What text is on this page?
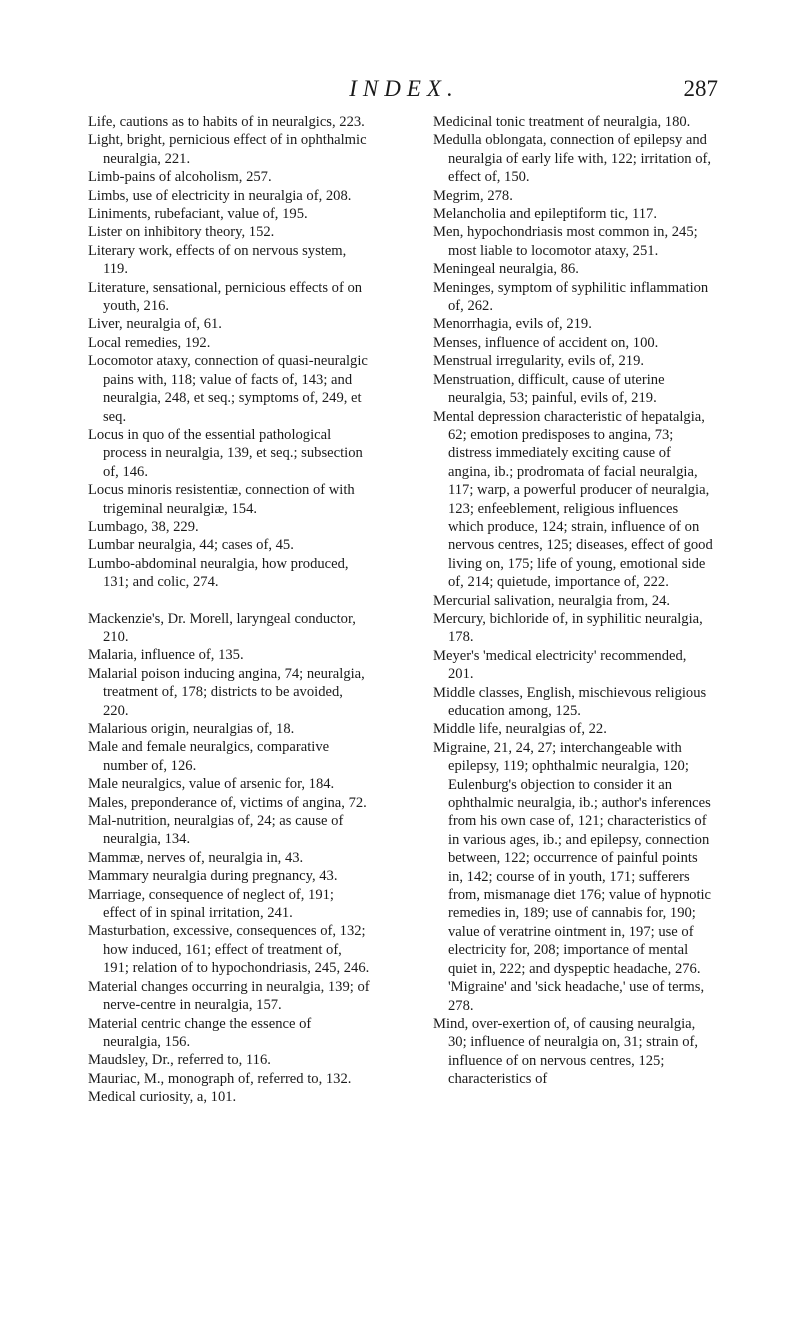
INDEX.	287

Life, cautions as to habits of in neuralgics, 223.

Light, bright, pernicious effect of in ophthalmic neuralgia, 221.

Limb-pains of alcoholism, 257.

Limbs, use of electricity in neuralgia of, 208.

Liniments, rubefaciant, value of, 195.

Lister on inhibitory theory, 152.

Literary work, effects of on nervous system, 119.

Literature, sensational, pernicious effects of on youth, 216.

Liver, neuralgia of, 61.

Local remedies, 192.

Locomotor ataxy, connection of quasi-neuralgic pains with, 118; value of facts of, 143; and neuralgia, 248, et seq.; symptoms of, 249, et seq.

Locus in quo of the essential pathological process in neuralgia, 139, et seq.; subsection of, 146.

Locus minoris resistentiæ, connection of with trigeminal neuralgiæ, 154.

Lumbago, 38, 229.

Lumbar neuralgia, 44; cases of, 45.

Lumbo-abdominal neuralgia, how produced, 131; and colic, 274.

Mackenzie's, Dr. Morell, laryngeal conductor, 210.

Malaria, influence of, 135.

Malarial poison inducing angina, 74; neuralgia, treatment of, 178; districts to be avoided, 220.

Malarious origin, neuralgias of, 18.

Male and female neuralgics, comparative number of, 126.

Male neuralgics, value of arsenic for, 184.

Males, preponderance of, victims of angina, 72.

Mal-nutrition, neuralgias of, 24; as cause of neuralgia, 134.

Mammæ, nerves of, neuralgia in, 43.

Mammary neuralgia during pregnancy, 43.

Marriage, consequence of neglect of, 191; effect of in spinal irritation, 241.

Masturbation, excessive, consequences of, 132; how induced, 161; effect of treatment of, 191; relation of to hypochondriasis, 245, 246.

Material changes occurring in neuralgia, 139; of nerve-centre in neuralgia, 157.

Material centric change the essence of neuralgia, 156.

Maudsley, Dr., referred to, 116.

Mauriac, M., monograph of, referred to, 132.

Medical curiosity, a, 101.

Medicinal tonic treatment of neuralgia, 180.

Medulla oblongata, connection of epilepsy and neuralgia of early life with, 122; irritation of, effect of, 150.

Megrim, 278.

Melancholia and epileptiform tic, 117.

Men, hypochondriasis most common in, 245; most liable to locomotor ataxy, 251.

Meningeal neuralgia, 86.

Meninges, symptom of syphilitic inflammation of, 262.

Menorrhagia, evils of, 219.

Menses, influence of accident on, 100.

Menstrual irregularity, evils of, 219.

Menstruation, difficult, cause of uterine neuralgia, 53; painful, evils of, 219.

Mental depression characteristic of hepatalgia, 62; emotion predisposes to angina, 73; distress immediately exciting cause of angina, ib.; prodromata of facial neuralgia, 117; warp, a powerful producer of neuralgia, 123; enfeeblement, religious influences which produce, 124; strain, influence of on nervous centres, 125; diseases, effect of good living on, 175; life of young, emotional side of, 214; quietude, importance of, 222.

Mercurial salivation, neuralgia from, 24.

Mercury, bichloride of, in syphilitic neuralgia, 178.

Meyer's 'medical electricity' recommended, 201.

Middle classes, English, mischievous religious education among, 125.

Middle life, neuralgias of, 22.

Migraine, 21, 24, 27; interchangeable with epilepsy, 119; ophthalmic neuralgia, 120; Eulenburg's objection to consider it an ophthalmic neuralgia, ib.; author's inferences from his own case of, 121; characteristics of in various ages, ib.; and epilepsy, connection between, 122; occurrence of painful points in, 142; course of in youth, 171; sufferers from, mismanage diet 176; value of hypnotic remedies in, 189; use of cannabis for, 190; value of veratrine ointment in, 197; use of electricity for, 208; importance of mental quiet in, 222; and dyspeptic headache, 276. 'Migraine' and 'sick headache,' use of terms, 278.

Mind, over-exertion of, of causing neuralgia, 30; influence of neuralgia on, 31; strain of, influence of on nervous centres, 125; characteristics of
